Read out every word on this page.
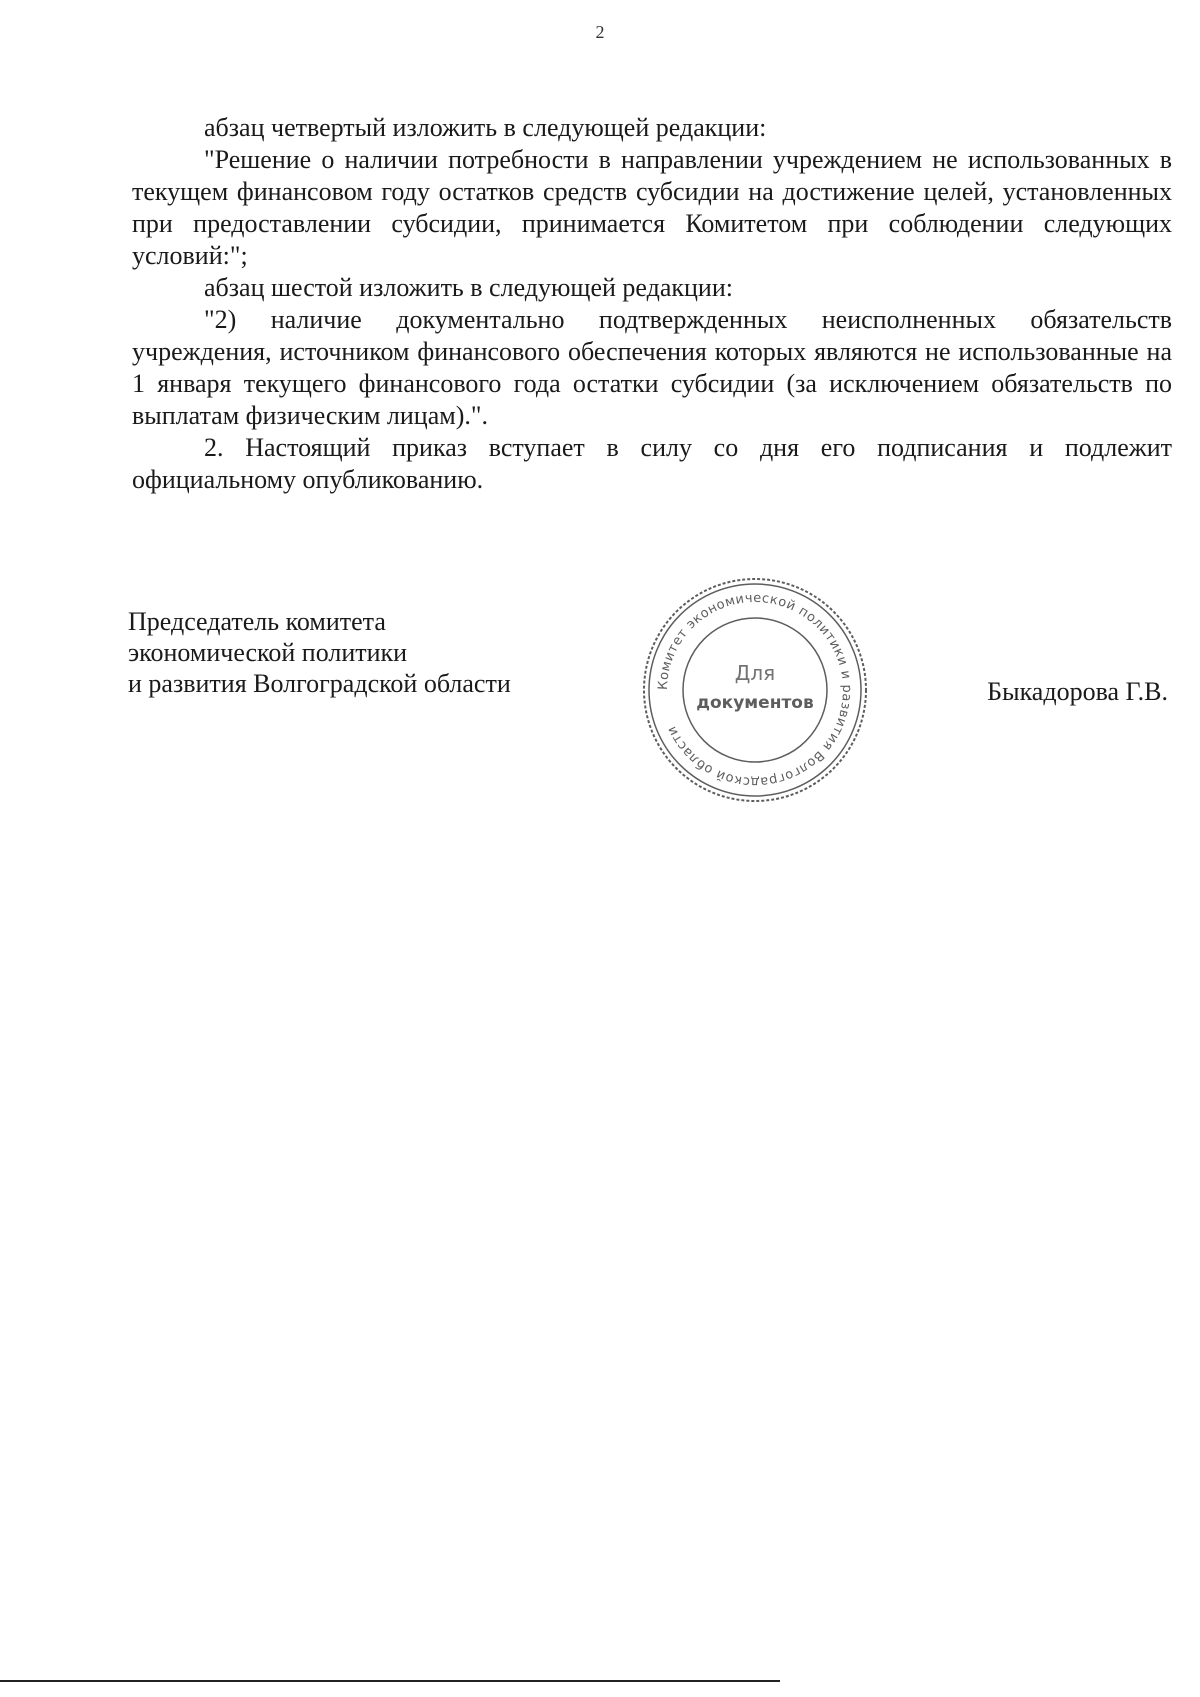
2

абзац четвертый изложить в следующей редакции:

"Решение о наличии потребности в направлении учреждением не использованных в текущем финансовом году остатков средств субсидии на достижение целей, установленных при предоставлении субсидии, принимается Комитетом при соблюдении следующих условий:";

абзац шестой изложить в следующей редакции:

"2) наличие документально подтвержденных неисполненных обязательств учреждения, источником финансового обеспечения которых являются не использованные на 1 января текущего финансового года остатки субсидии (за исключением обязательств по выплатам физическим лицам).".

2. Настоящий приказ вступает в силу со дня его подписания и подлежит официальному опубликованию.

Председатель комитета
экономической политики
и развития Волгоградской области	Комитет экономической политики и развития Волгоградской области
Для
документов	Быкадорова Г.В.
